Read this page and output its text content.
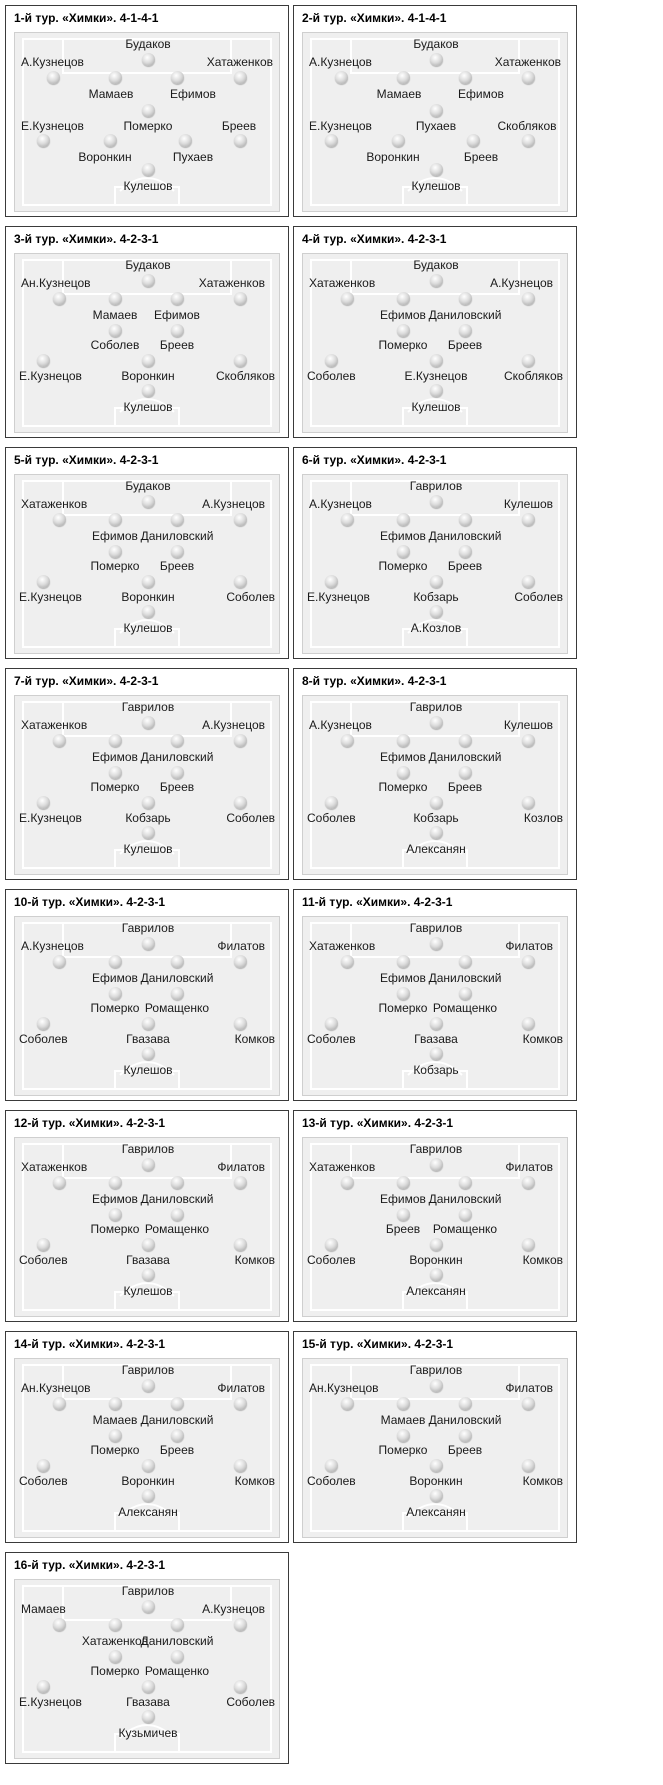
1-й тур. «Химки». 4-1-4-1
Будаков
А.Кузнецов	Хатаженков
Мамаев	Ефимов
Померко
Е.Кузнецов	Бреев
Воронкин	Пухаев
Кулешов
2-й тур. «Химки». 4-1-4-1
Будаков
А.Кузнецов	Хатаженков
Мамаев	Ефимов
Пухаев
Е.Кузнецов	Скобляков
Воронкин	Бреев
Кулешов
3-й тур. «Химки». 4-2-3-1
Будаков
Ан.Кузнецов	Хатаженков
Мамаев Ефимов
Соболев Бреев
Е.Кузнецов	Воронкин	Скобляков
Кулешов
4-й тур. «Химки». 4-2-3-1
Будаков
Хатаженков	А.Кузнецов
Ефимов Даниловский
Померко Бреев
Соболев	Е.Кузнецов	Скобляков
Кулешов
5-й тур. «Химки». 4-2-3-1
Будаков
Хатаженков	А.Кузнецов
Ефимов Даниловский
Померко Бреев
Е.Кузнецов	Воронкин	Соболев
Кулешов
6-й тур. «Химки». 4-2-3-1
Гаврилов
А.Кузнецов	Кулешов
Ефимов Даниловский
Померко Бреев
Е.Кузнецов	Кобзарь	Соболев
А.Козлов
7-й тур. «Химки». 4-2-3-1
Гаврилов
Хатаженков	А.Кузнецов
Ефимов Даниловский
Померко Бреев
Е.Кузнецов	Кобзарь	Соболев
Кулешов
8-й тур. «Химки». 4-2-3-1
Гаврилов
А.Кузнецов	Кулешов
Ефимов Даниловский
Померко Бреев
Соболев	Кобзарь	Козлов
Алексанян
10-й тур. «Химки». 4-2-3-1
Гаврилов
А.Кузнецов	Филатов
Ефимов Даниловский
Померко Ромащенко
Соболев	Гвазава	Комков
Кулешов
11-й тур. «Химки». 4-2-3-1
Гаврилов
Хатаженков	Филатов
Ефимов Даниловский
Померко Ромащенко
Соболев	Гвазава	Комков
Кобзарь
12-й тур. «Химки». 4-2-3-1
Гаврилов
Хатаженков	Филатов
Ефимов Даниловский
Померко Ромащенко
Соболев	Гвазава	Комков
Кулешов
13-й тур. «Химки». 4-2-3-1
Гаврилов
Хатаженков	Филатов
Ефимов Даниловский
Бреев Ромащенко
Соболев	Воронкин	Комков
Алексанян
14-й тур. «Химки». 4-2-3-1
Гаврилов
Ан.Кузнецов	Филатов
Мамаев Даниловский
Померко Бреев
Соболев	Воронкин	Комков
Алексанян
15-й тур. «Химки». 4-2-3-1
Гаврилов
Ан.Кузнецов	Филатов
Мамаев Даниловский
Померко Бреев
Соболев	Воронкин	Комков
Алексанян
16-й тур. «Химки». 4-2-3-1
Гаврилов
Мамаев	А.Кузнецов
Хатаженков
Даниловский
Померко Ромащенко
Е.Кузнецов	Гвазава	Соболев
Кузьмичев
